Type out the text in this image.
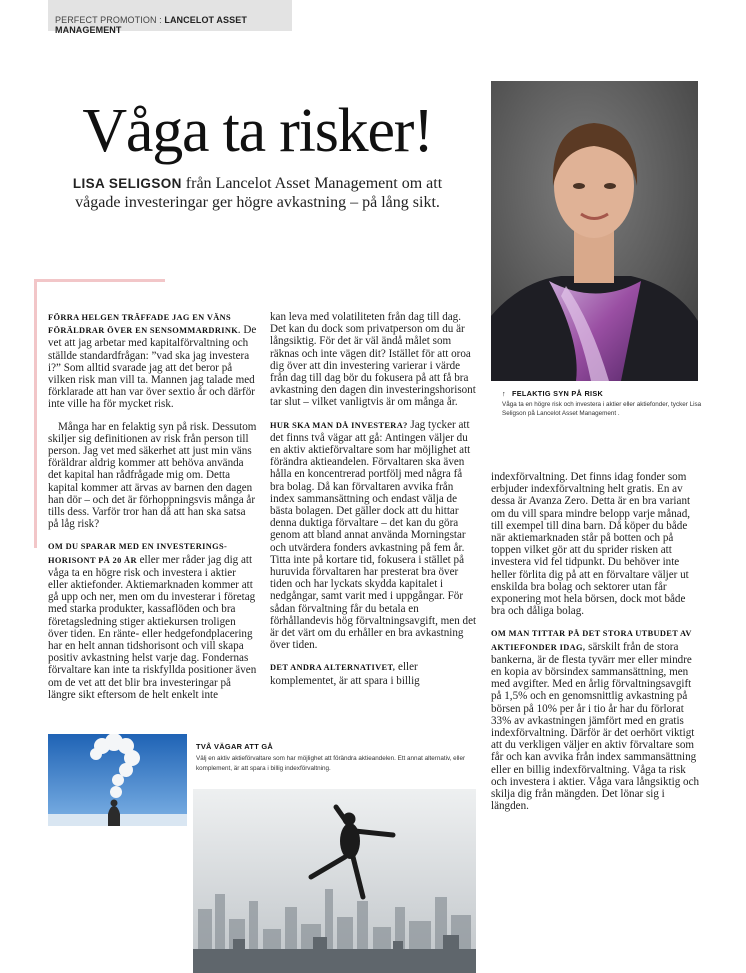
PERFECT PROMOTION : LANCELOT ASSET MANAGEMENT
Våga ta risker!
LISA SELIGSON från Lancelot Asset Management om att vågade investeringar ger högre avkastning – på lång sikt.

FÖRRA HELGEN TRÄFFADE JAG EN VÄNS FÖRÄLDRAR ÖVER EN SENSOMMARDRINK. De vet att jag arbetar med kapitalförvaltning och ställde standardfrågan: ”vad ska jag investera i?” Som alltid svarade jag att det beror på vilken risk man vill ta. Mannen jag talade med förklarade att han var över sextio år och därför inte ville ha för mycket risk.

Många har en felaktig syn på risk. Dessutom skiljer sig definitionen av risk från person till person. Jag vet med säkerhet att just min väns föräldrar aldrig kommer att behöva använda det kapital han rådfrågade mig om. Detta kapital kommer att ärvas av barnen den dagen han dör – och det är förhoppningsvis många år tills dess. Varför tror han då att han ska satsa på låg risk?

OM DU SPARAR MED EN INVESTERINGS-HORISONT PÅ 20 ÅR eller mer råder jag dig att våga ta en högre risk och investera i aktier eller aktiefonder. Aktiemarknaden kommer att gå upp och ner, men om du investerar i företag med starka produkter, kassaflöden och bra företagsledning stiger aktiekursen troligen över tiden. En ränte- eller hedgefondplacering har en helt annan tidshorisont och vill skapa positiv avkastning helst varje dag. Fondernas förvaltare kan inte ta riskfyllda positioner även om de vet att det blir bra investeringar på längre sikt eftersom de helt enkelt inte

kan leva med volatiliteten från dag till dag. Det kan du dock som privatperson om du är långsiktig. För det är väl ändå målet som räknas och inte vägen dit? Istället för att oroa dig över att din investering varierar i värde från dag till dag bör du fokusera på att få bra avkastning den dagen din investeringshorisont tar slut – vilket vanligtvis är om många år.

HUR SKA MAN DÅ INVESTERA? Jag tycker att det finns två vägar att gå: Antingen väljer du en aktiv aktieförvaltare som har möjlighet att förändra aktieandelen. Förvaltaren ska även hålla en koncentrerad portfölj med några få bra bolag. Då kan förvaltaren avvika från index sammansättning och endast välja de bästa bolagen. Det gäller dock att du hittar denna duktiga förvaltare – det kan du göra genom att bland annat använda Morningstar och utvärdera fonders avkastning på fem år. Titta inte på kortare tid, fokusera i stället på huruvida förvaltaren har presterat bra över tiden och har lyckats skydda kapitalet i nedgångar, samt varit med i uppgångar. För sådan förvaltning får du betala en förhållandevis hög förvaltningsavgift, men det är det värt om du erhåller en bra avkastning över tiden.

DET ANDRA ALTERNATIVET, eller komplementet, är att spara i billig

indexförvaltning. Det finns idag fonder som erbjuder indexförvaltning helt gratis. En av dessa är Avanza Zero. Detta är en bra variant om du vill spara mindre belopp varje månad, till exempel till dina barn. Då köper du både när aktiemarknaden står på botten och på toppen vilket gör att du sprider risken att investera vid fel tidpunkt. Du behöver inte heller förlita dig på att en förvaltare väljer ut enskilda bra bolag och sektorer utan får exponering mot hela börsen, dock mot både bra och dåliga bolag.

OM MAN TITTAR PÅ DET STORA UTBUDET AV AKTIEFONDER IDAG, särskilt från de stora bankerna, är de flesta tyvärr mer eller mindre en kopia av börsindex sammansättning, men med avgifter. Med en årlig förvaltningsavgift på 1,5% och en genomsnittlig avkastning på börsen på 10% per år i tio år har du förlorat 33% av avkastningen jämfört med en gratis indexförvaltning. Därför är det oerhört viktigt att du verkligen väljer en aktiv förvaltare som får och kan avvika från index sammansättning eller en billig indexförvaltning. Våga ta risk och investera i aktier. Våga vara långsiktig och skilja dig från mängden. Det lönar sig i längden.

↑ FELAKTIG SYN PÅ RISK
Våga ta en högre risk och investera i aktier eller aktiefonder, tycker Lisa Seligson på Lancelot Asset Management .
TVÅ VÄGAR ATT GÅ
Välj en aktiv aktieförvaltare som har möjlighet att förändra aktieandelen. Ett annat alternativ, eller komplement, är att spara i billig indexförvaltning.
